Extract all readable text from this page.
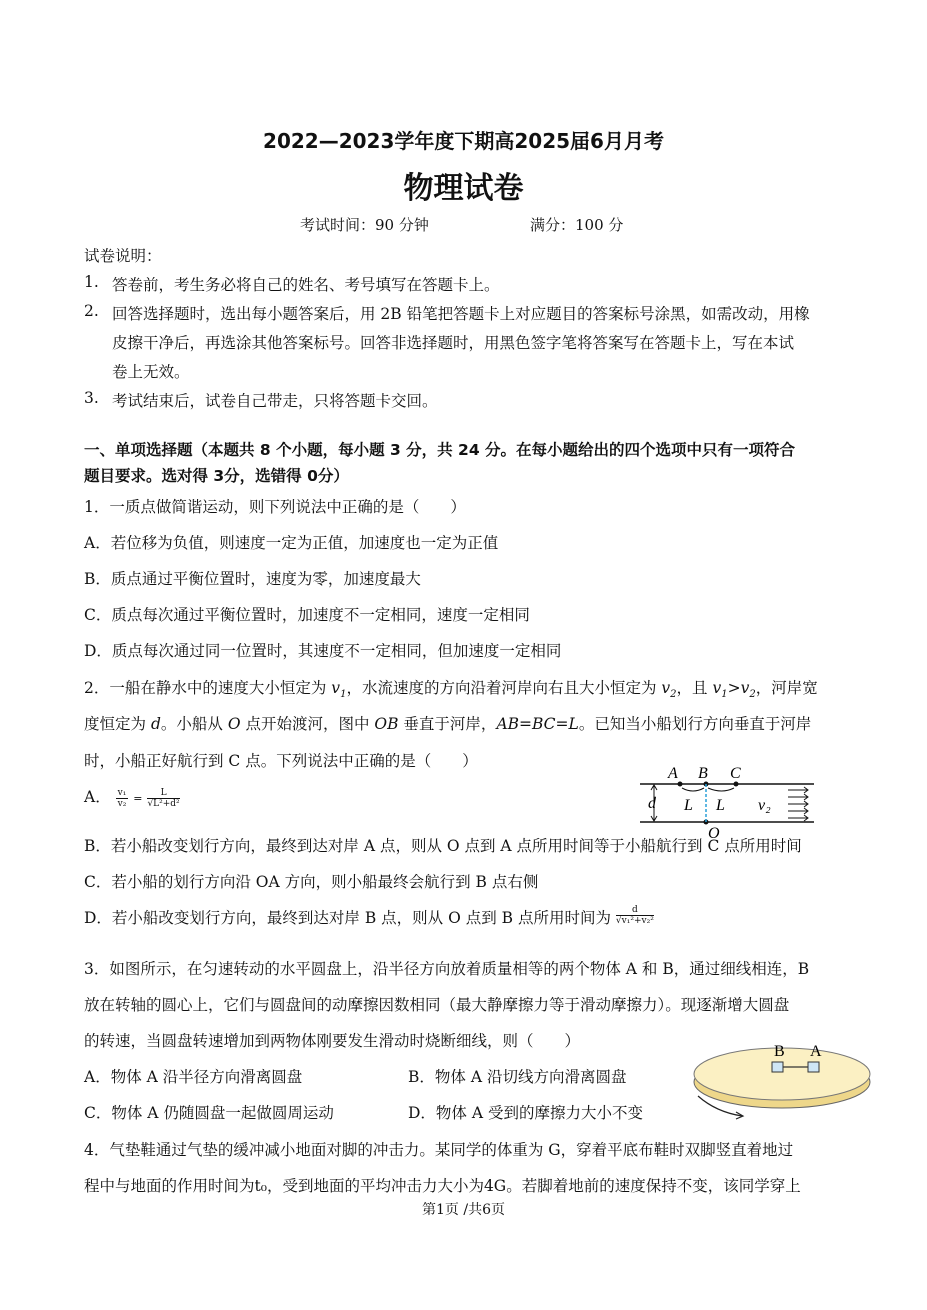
2022—2023学年度下期高2025届6月月考
物理试卷
考试时间：90 分钟	满分：100 分
试卷说明：
1. 答卷前，考生务必将自己的姓名、考号填写在答题卡上。
2. 回答选择题时，选出每小题答案后，用 2B 铅笔把答题卡上对应题目的答案标号涂黑，如需改动，用橡
皮擦干净后，再选涂其他答案标号。回答非选择题时，用黑色签字笔将答案写在答题卡上，写在本试
卷上无效。
3. 考试结束后，试卷自己带走，只将答题卡交回。
一、单项选择题（本题共 8 个小题，每小题 3 分，共 24 分。在每小题给出的四个选项中只有一项符合
题目要求。选对得 3分，选错得 0分）
1．一质点做简谐运动，则下列说法中正确的是（　　）
A．若位移为负值，则速度一定为正值，加速度也一定为正值
B．质点通过平衡位置时，速度为零，加速度最大
C．质点每次通过平衡位置时，加速度不一定相同，速度一定相同
D．质点每次通过同一位置时，其速度不一定相同，但加速度一定相同
2．一船在静水中的速度大小恒定为 $v_1$，水流速度的方向沿着河岸向右且大小恒定为 $v_2$，且 $v_1>v_2$，河岸宽
度恒定为 d。小船从 O 点开始渡河，图中 OB 垂直于河岸，AB=BC=L。已知当小船划行方向垂直于河岸
时，小船正好航行到 C 点。下列说法中正确的是（　　）
A． $\frac{\text{v₁}}{\text{v₂}} = \frac{L}{\text{√L²+d²}}$
B．若小船改变划行方向，最终到达对岸 A 点，则从 O 点到 A 点所用时间等于小船航行到 C 点所用时间
C．若小船的划行方向沿 OA 方向，则小船最终会航行到 B 点右侧
D．若小船改变划行方向，最终到达对岸 B 点，则从 O 点到 B 点所用时间为 $\frac{d}{\text{√v₁²+v₂²}}$
A B C
L L
d
O
v₂
3．如图所示，在匀速转动的水平圆盘上，沿半径方向放着质量相等的两个物体 A 和 B，通过细线相连，B
放在转轴的圆心上，它们与圆盘间的动摩擦因数相同（最大静摩擦力等于滑动摩擦力）。现逐渐增大圆盘
的转速，当圆盘转速增加到两物体刚要发生滑动时烧断细线，则（　　）
A．物体 A 沿半径方向滑离圆盘	B．物体 A 沿切线方向滑离圆盘
C．物体 A 仍随圆盘一起做圆周运动	D．物体 A 受到的摩擦力大小不变
B A
4．气垫鞋通过气垫的缓冲减小地面对脚的冲击力。某同学的体重为 G，穿着平底布鞋时双脚竖直着地过
程中与地面的作用时间为t₀，受到地面的平均冲击力大小为4G。若脚着地前的速度保持不变，该同学穿上
第1页 /共6页
